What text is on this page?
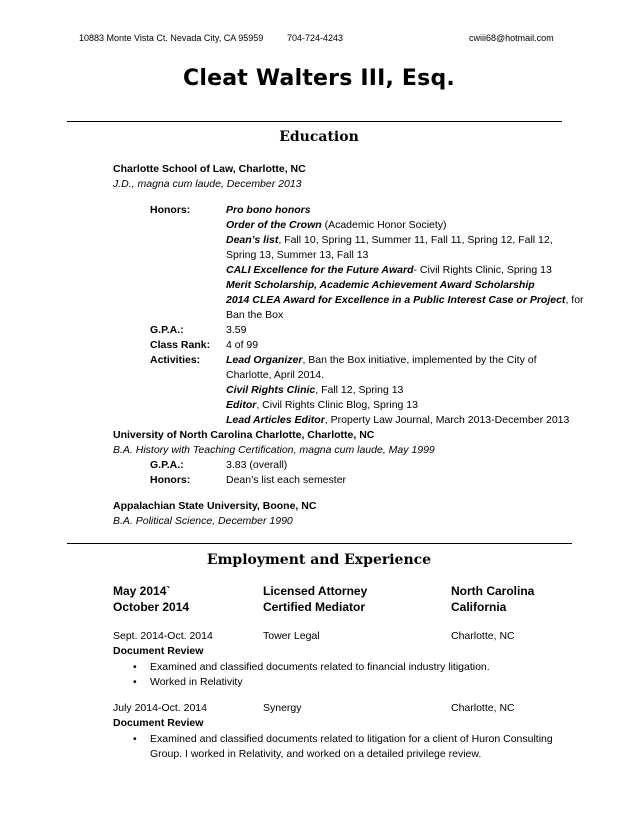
10883 Monte Vista Ct. Nevada City, CA 95959	704-724-4243	cwiii68@hotmail.com
Cleat Walters III, Esq.
Education
Charlotte School of Law, Charlotte, NC
J.D., magna cum laude, December 2013
Honors:	Pro bono honors
Order of the Crown (Academic Honor Society)
Dean’s list, Fall 10, Spring 11, Summer 11, Fall 11, Spring 12, Fall 12,
Spring 13, Summer 13, Fall 13
CALI Excellence for the Future Award- Civil Rights Clinic, Spring 13
Merit Scholarship, Academic Achievement Award Scholarship
2014 CLEA Award for Excellence in a Public Interest Case or Project, for
Ban the Box
G.P.A.:	3.59
Class Rank: 4 of 99
Activities: Lead Organizer, Ban the Box initiative, implemented by the City of
Charlotte, April 2014.
Civil Rights Clinic, Fall 12, Spring 13
Editor, Civil Rights Clinic Blog, Spring 13
Lead Articles Editor, Property Law Journal, March 2013-December 2013
University of North Carolina Charlotte, Charlotte, NC
B.A. History with Teaching Certification, magna cum laude, May 1999
G.P.A.:	3.83 (overall)
Honors:	Dean’s list each semester
Appalachian State University, Boone, NC
B.A. Political Science, December 1990
Employment and Experience
May 2014`	Licensed Attorney	North Carolina
October 2014	Certified Mediator	California
Sept. 2014-Oct. 2014	Tower Legal	Charlotte, NC
Document Review
• Examined and classified documents related to financial industry litigation.
• Worked in Relativity
July 2014-Oct. 2014	Synergy	Charlotte, NC
Document Review
• Examined and classified documents related to litigation for a client of Huron Consulting
Group. I worked in Relativity, and worked on a detailed privilege review.
